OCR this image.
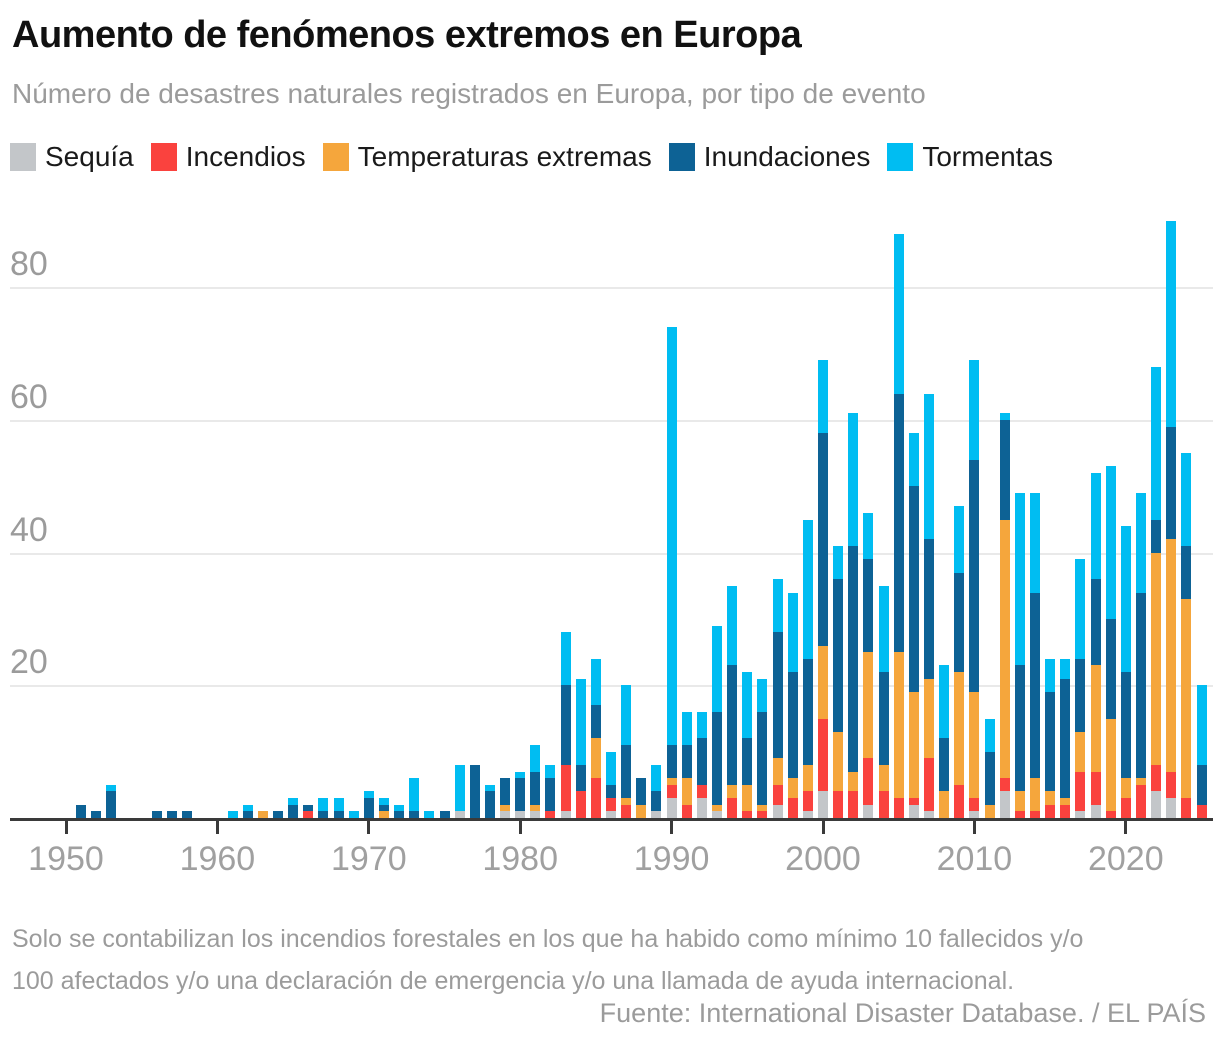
Aumento de fenómenos extremos en Europa
Número de desastres naturales registrados en Europa, por tipo de evento
Sequía Incendios Temperaturas extremas Inundaciones Tormentas
20
40
60
80
1950 1960 1970 1980 1990 2000 2010 2020
Solo se contabilizan los incendios forestales en los que ha habido como mínimo 10 fallecidos y/o
100 afectados y/o una declaración de emergencia y/o una llamada de ayuda internacional.
Fuente: International Disaster Database. / EL PAÍS
